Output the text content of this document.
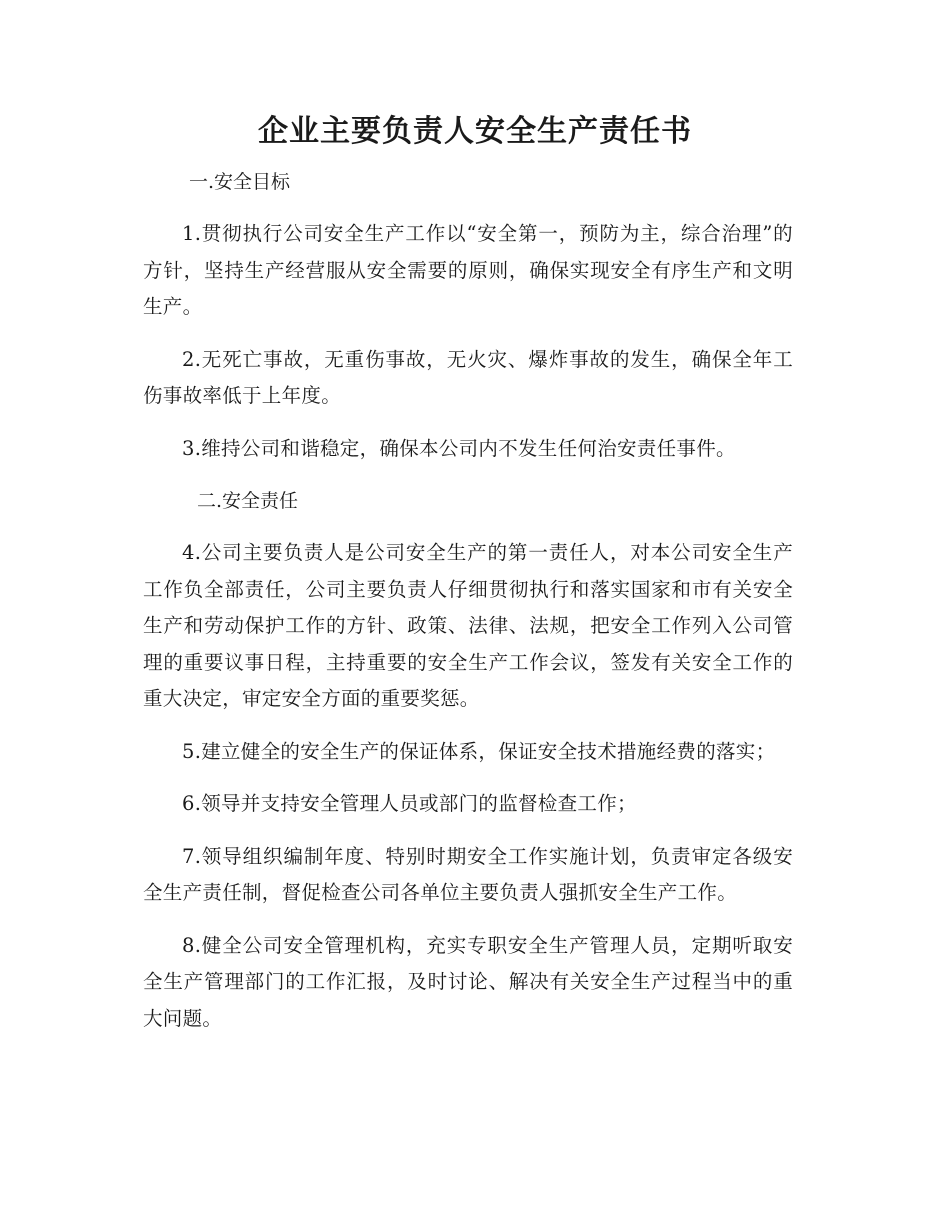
企业主要负责人安全生产责任书
一.安全目标

1.贯彻执行公司安全生产工作以“安全第一，预防为主，综合治理”的方针，坚持生产经营服从安全需要的原则，确保实现安全有序生产和文明生产。

2.无死亡事故，无重伤事故，无火灾、爆炸事故的发生，确保全年工伤事故率低于上年度。

3.维持公司和谐稳定，确保本公司内不发生任何治安责任事件。

二.安全责任

4.公司主要负责人是公司安全生产的第一责任人，对本公司安全生产工作负全部责任，公司主要负责人仔细贯彻执行和落实国家和市有关安全生产和劳动保护工作的方针、政策、法律、法规，把安全工作列入公司管理的重要议事日程，主持重要的安全生产工作会议，签发有关安全工作的重大决定，审定安全方面的重要奖惩。

5.建立健全的安全生产的保证体系，保证安全技术措施经费的落实；

6.领导并支持安全管理人员或部门的监督检查工作；

7.领导组织编制年度、特别时期安全工作实施计划，负责审定各级安全生产责任制，督促检查公司各单位主要负责人强抓安全生产工作。

8.健全公司安全管理机构，充实专职安全生产管理人员，定期听取安全生产管理部门的工作汇报，及时讨论、解决有关安全生产过程当中的重大问题。
